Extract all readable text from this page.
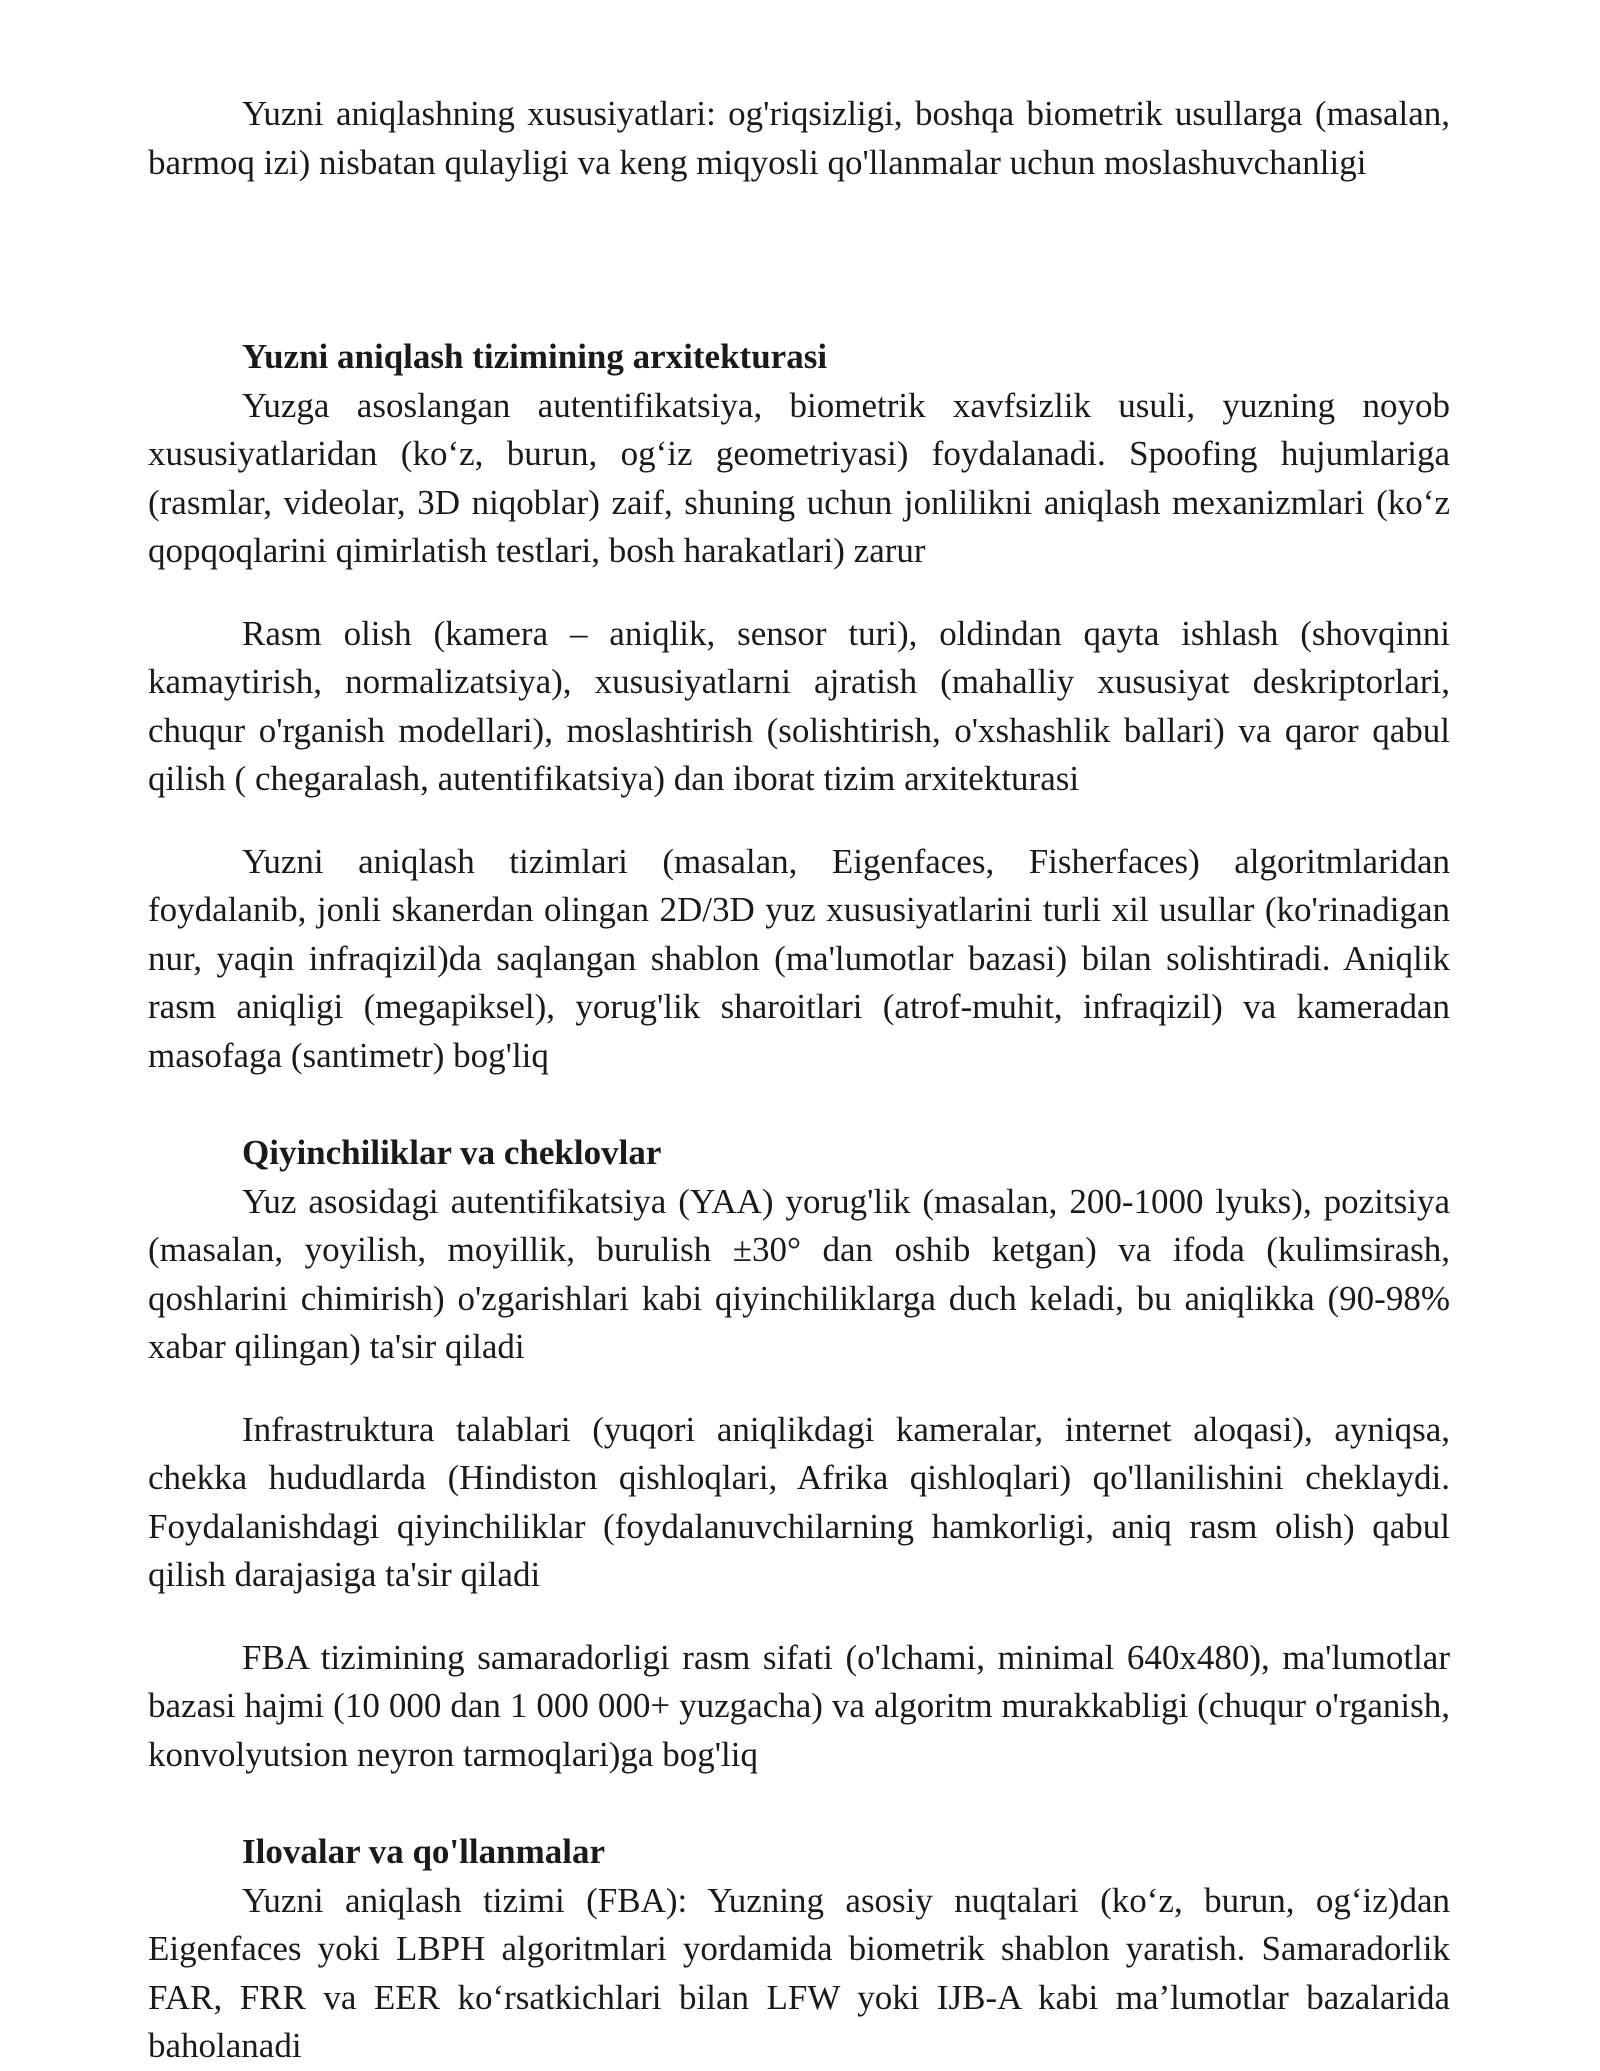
Yuzni aniqlashning xususiyatlari: og'riqsizligi, boshqa biometrik usullarga (masalan, barmoq izi) nisbatan qulayligi va keng miqyosli qo'llanmalar uchun moslashuvchanligi

Yuzni aniqlash tizimining arxitekturasi

Yuzga asoslangan autentifikatsiya, biometrik xavfsizlik usuli, yuzning noyob xususiyatlaridan (ko‘z, burun, og‘iz geometriyasi) foydalanadi. Spoofing hujumlariga (rasmlar, videolar, 3D niqoblar) zaif, shuning uchun jonlilikni aniqlash mexanizmlari (ko‘z qopqoqlarini qimirlatish testlari, bosh harakatlari) zarur

Rasm olish (kamera – aniqlik, sensor turi), oldindan qayta ishlash (shovqinni kamaytirish, normalizatsiya), xususiyatlarni ajratish (mahalliy xususiyat deskriptorlari, chuqur o'rganish modellari), moslashtirish (solishtirish, o'xshashlik ballari) va qaror qabul qilish ( chegaralash, autentifikatsiya) dan iborat tizim arxitekturasi

Yuzni aniqlash tizimlari (masalan, Eigenfaces, Fisherfaces) algoritmlaridan foydalanib, jonli skanerdan olingan 2D/3D yuz xususiyatlarini turli xil usullar (ko'rinadigan nur, yaqin infraqizil)da saqlangan shablon (ma'lumotlar bazasi) bilan solishtiradi. Aniqlik rasm aniqligi (megapiksel), yorug'lik sharoitlari (atrof-muhit, infraqizil) va kameradan masofaga (santimetr) bog'liq

Qiyinchiliklar va cheklovlar

Yuz asosidagi autentifikatsiya (YAA) yorug'lik (masalan, 200-1000 lyuks), pozitsiya (masalan, yoyilish, moyillik, burulish ±30° dan oshib ketgan) va ifoda (kulimsirash, qoshlarini chimirish) o'zgarishlari kabi qiyinchiliklarga duch keladi, bu aniqlikka (90-98% xabar qilingan) ta'sir qiladi

Infrastruktura talablari (yuqori aniqlikdagi kameralar, internet aloqasi), ayniqsa, chekka hududlarda (Hindiston qishloqlari, Afrika qishloqlari) qo'llanilishini cheklaydi. Foydalanishdagi qiyinchiliklar (foydalanuvchilarning hamkorligi, aniq rasm olish) qabul qilish darajasiga ta'sir qiladi

FBA tizimining samaradorligi rasm sifati (o'lchami, minimal 640x480), ma'lumotlar bazasi hajmi (10 000 dan 1 000 000+ yuzgacha) va algoritm murakkabligi (chuqur o'rganish, konvolyutsion neyron tarmoqlari)ga bog'liq

Ilovalar va qo'llanmalar

Yuzni aniqlash tizimi (FBA): Yuzning asosiy nuqtalari (ko‘z, burun, og‘iz)dan Eigenfaces yoki LBPH algoritmlari yordamida biometrik shablon yaratish. Samaradorlik FAR, FRR va EER ko‘rsatkichlari bilan LFW yoki IJB-A kabi ma’lumotlar bazalarida baholanadi
